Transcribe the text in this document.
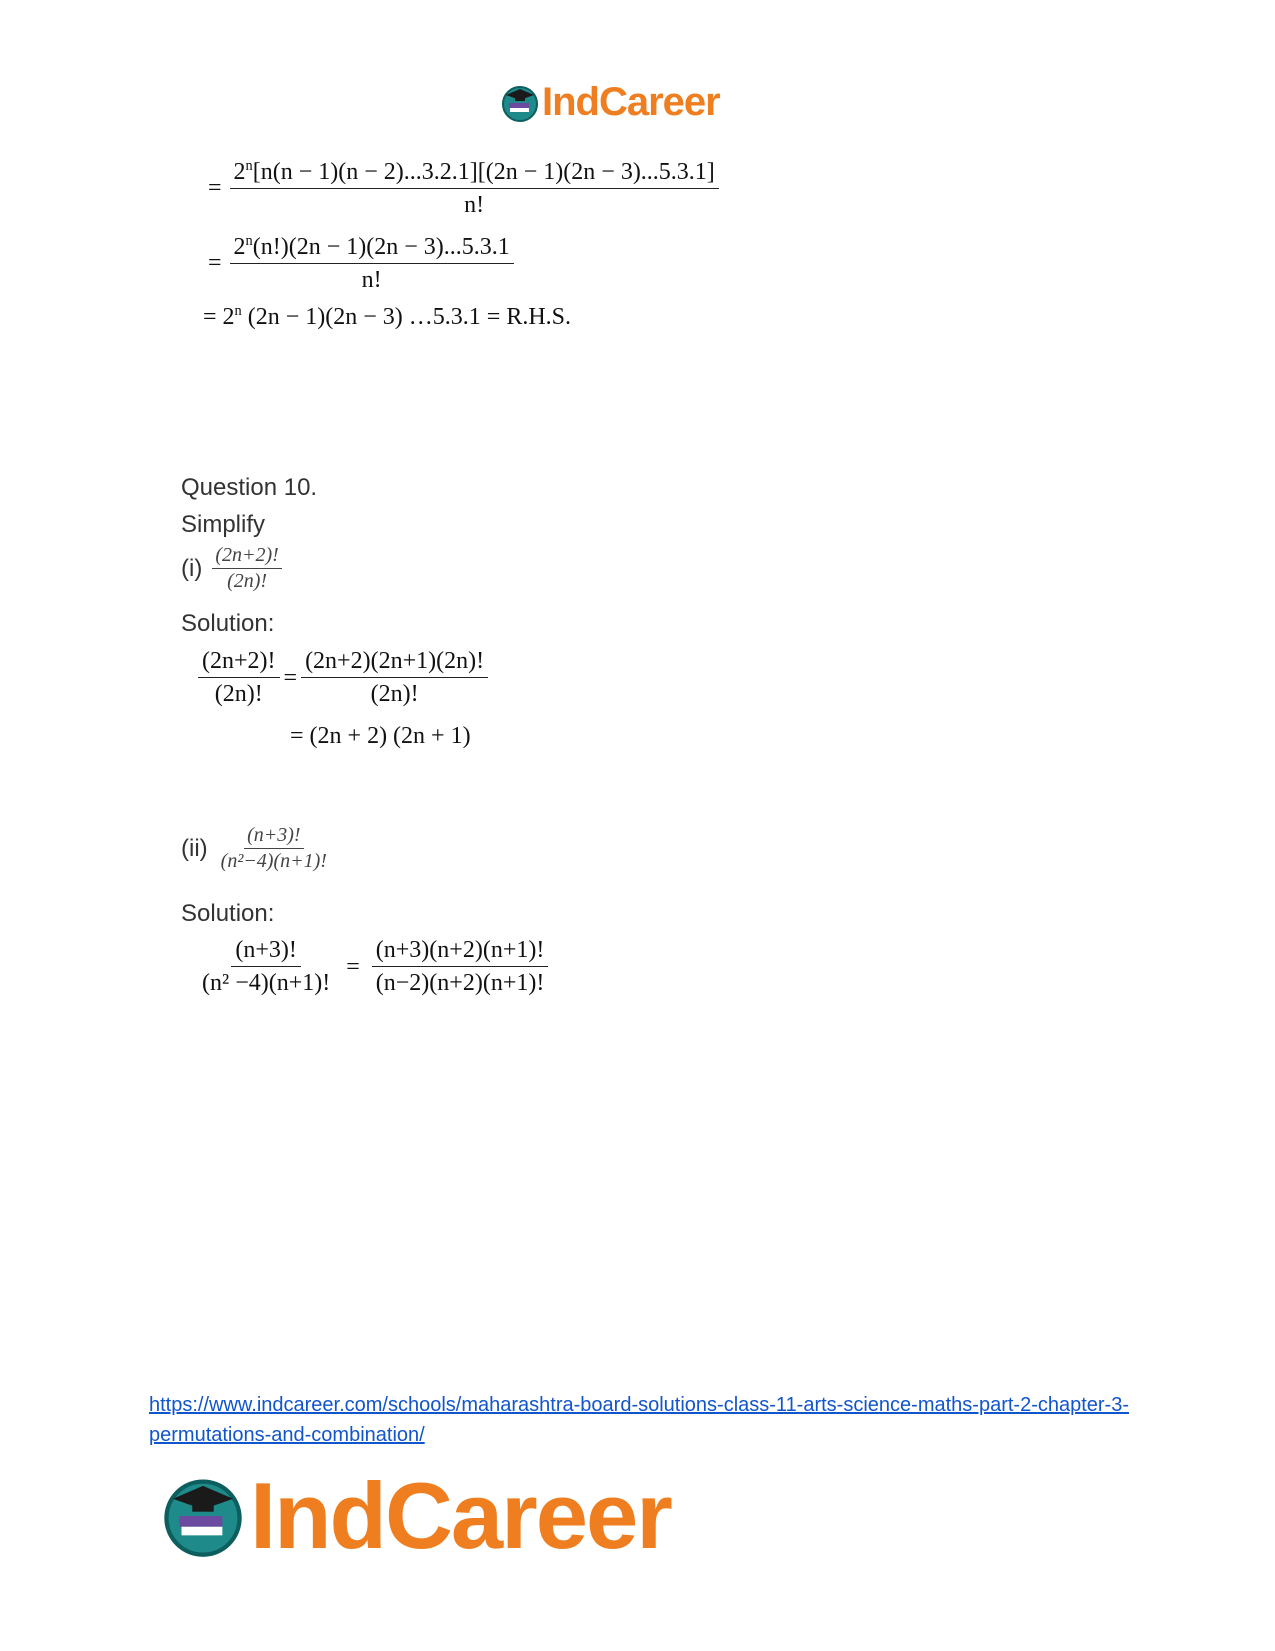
IndCareer
= $\frac{2^n[n(n - 1)(n - 2)...3.2.1][(2n - 1)(2n - 3)...5.3.1]}{n!}$
= $\frac{2^n(n!)(2n - 1)(2n - 3)...5.3.1}{n!}$
= $2^n$ (2n − 1)(2n − 3) …5.3.1 = R.H.S.
Question 10.
Simplify
$(i) \frac{(2n+2)!}{(2n)!}$
Solution:
$\frac{(2n+2)!}{(2n)!} = \frac{(2n+2)(2n+1)(2n)!}{(2n)!}$
= (2n + 2) (2n + 1)
$(ii) \frac{(n+3)!}{\text{(n²−4)(n+1)!}}$
Solution:
$\frac{(n+3)!}{\text{(n² −4)(n+1)!}} = \frac{(n+3)(n+2)(n+1)!}{(n-2)(n+2)(n+1)!}$
https://www.indcareer.com/schools/maharashtra-board-solutions-class-11-arts-science-maths-part-2-chapter-3-permutations-and-combination/
IndCareer
